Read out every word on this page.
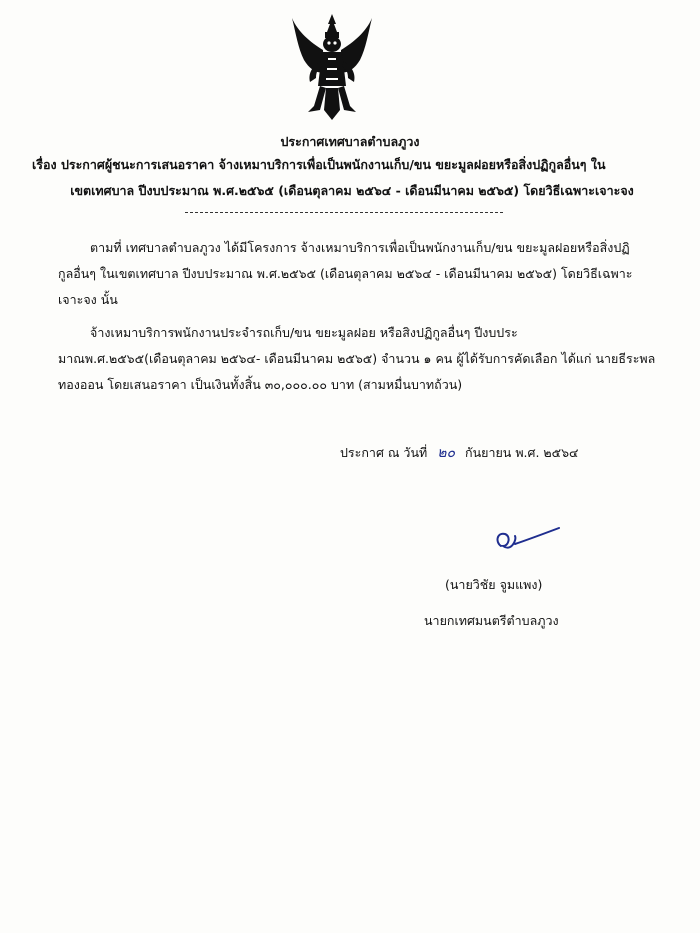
ประกาศเทศบาลตำบลภูวง
เรื่อง ประกาศผู้ชนะการเสนอราคา จ้างเหมาบริการเพื่อเป็นพนักงานเก็บ/ขน ขยะมูลฝอยหรือสิ่งปฏิกูลอื่นๆ ใน
เขตเทศบาล ปีงบประมาณ พ.ศ.๒๕๖๕ (เดือนตุลาคม ๒๕๖๔ - เดือนมีนาคม ๒๕๖๕) โดยวิธีเฉพาะเจาะจง
ตามที่ เทศบาลตำบลภูวง ได้มีโครงการ จ้างเหมาบริการเพื่อเป็นพนักงานเก็บ/ขน ขยะมูลฝอยหรือสิ่งปฏิ
กูลอื่นๆ ในเขตเทศบาล ปีงบประมาณ พ.ศ.๒๕๖๕ (เดือนตุลาคม ๒๕๖๔ - เดือนมีนาคม ๒๕๖๕) โดยวิธีเฉพาะ
เจาะจง นั้น
จ้างเหมาบริการพนักงานประจำรถเก็บ/ขน ขยะมูลฝอย หรือสิงปฏิกูลอื่นๆ ปีงบประ
มาณพ.ศ.๒๕๖๕(เดือนตุลาคม ๒๕๖๔- เดือนมีนาคม ๒๕๖๕) จำนวน ๑ คน ผู้ได้รับการคัดเลือก ได้แก่ นายธีระพล
ทองออน โดยเสนอราคา เป็นเงินทั้งสิ้น ๓๐,๐๐๐.๐๐ บาท (สามหมื่นบาทถ้วน)
ประกาศ ณ วันที่ ๒๐ กันยายน พ.ศ. ๒๕๖๔
(นายวิชัย จูมแพง)
นายกเทศมนตรีตำบลภูวง
